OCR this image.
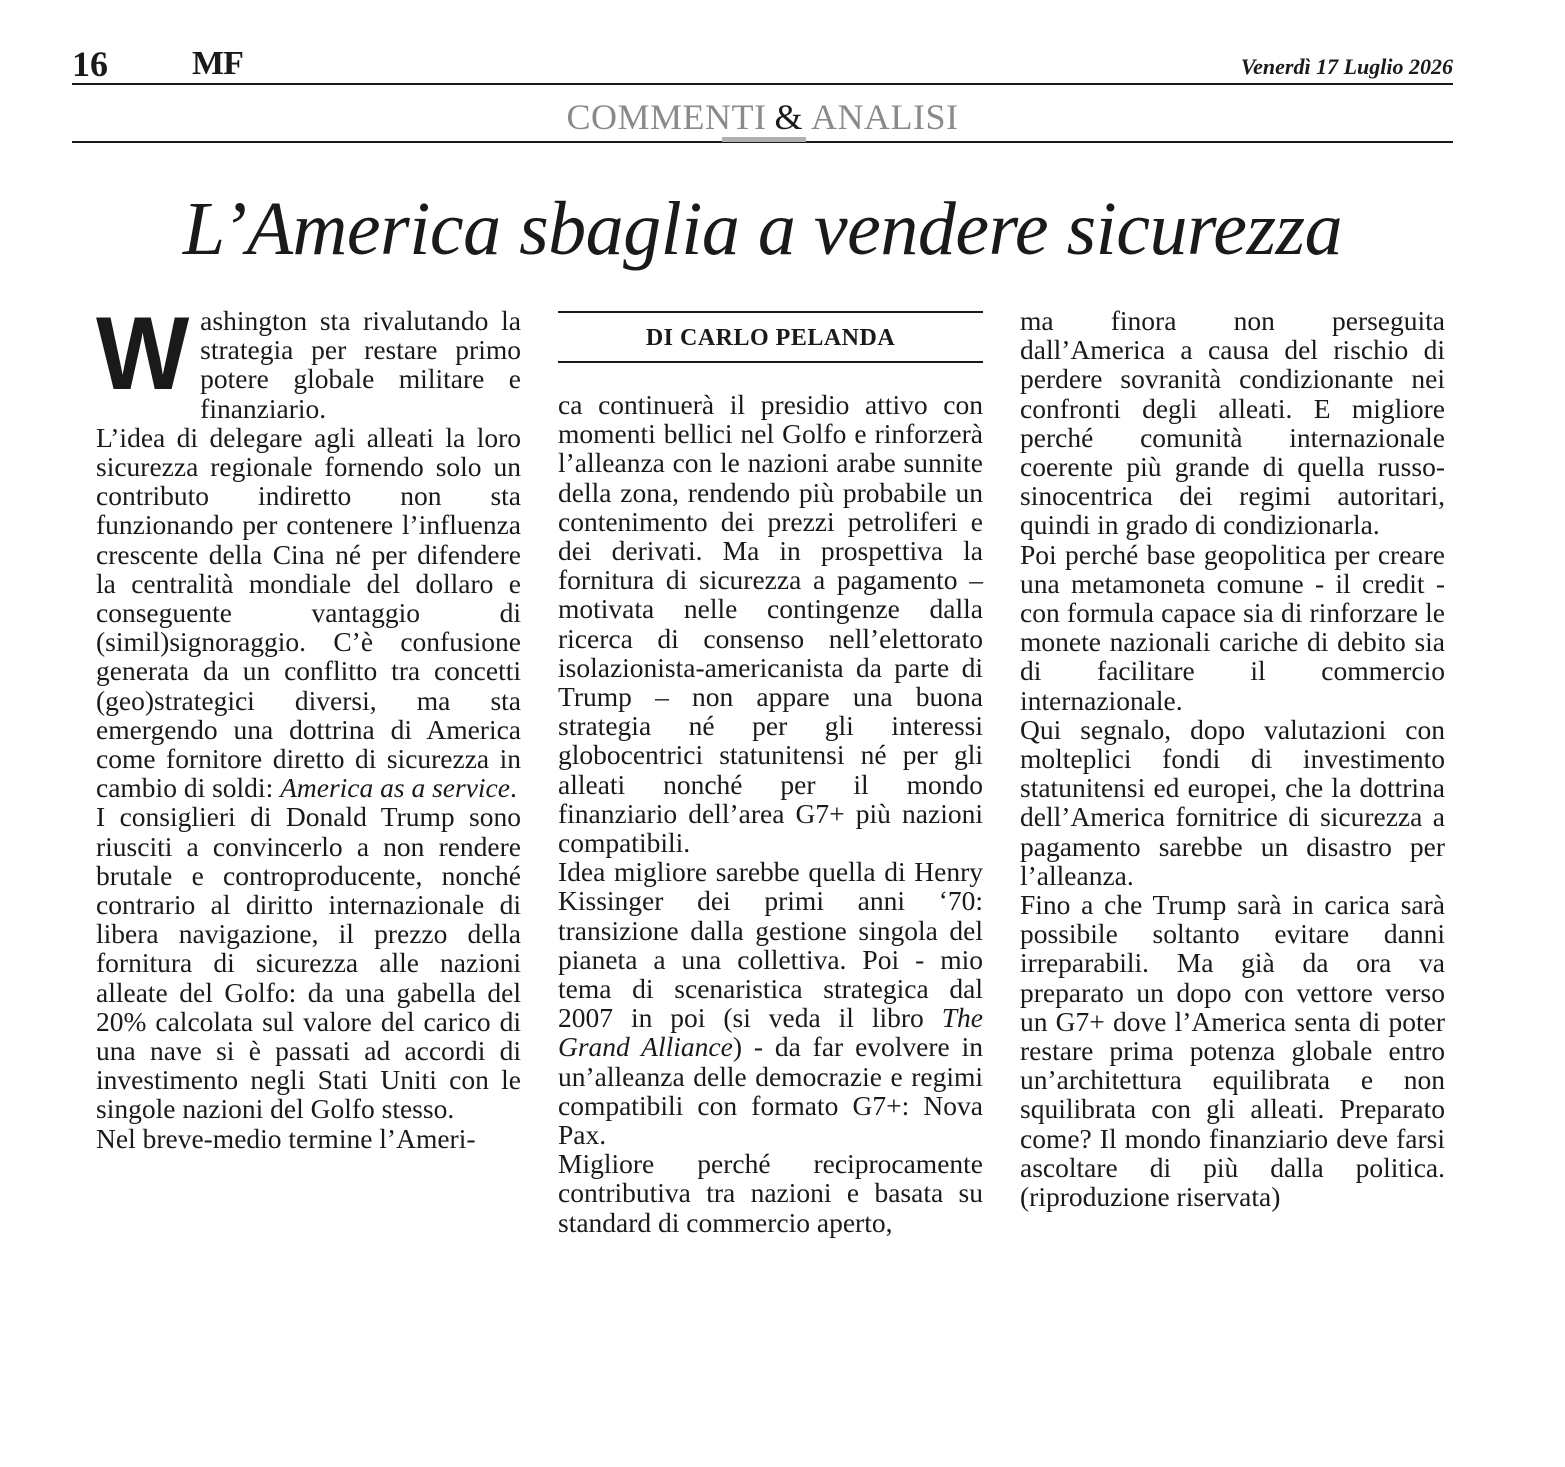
16 MF	Venerdì 17 Luglio 2026
COMMENTI & ANALISI
L’America sbaglia a vendere sicurezza
DI CARLO PELANDA

Washington sta rivalutando la strategia per restare primo potere globale militare e finanziario.

L’idea di delegare agli alleati la loro sicurezza regionale fornendo solo un contributo indiretto non sta funzionando per contenere l’influenza crescente della Cina né per difendere la centralità mondiale del dollaro e conseguente vantaggio di (simil)signoraggio. C’è confusione generata da un conflitto tra concetti (geo)strategici diversi, ma sta emergendo una dottrina di America come fornitore diretto di sicurezza in cambio di soldi: America as a service.

I consiglieri di Donald Trump sono riusciti a convincerlo a non rendere brutale e controproducente, nonché contrario al diritto internazionale di libera navigazione, il prezzo della fornitura di sicurezza alle nazioni alleate del Golfo: da una gabella del 20% calcolata sul valore del carico di una nave si è passati ad accordi di investimento negli Stati Uniti con le singole nazioni del Golfo stesso.

Nel breve-medio termine l’Ameri-

ca continuerà il presidio attivo con momenti bellici nel Golfo e rinforzerà l’alleanza con le nazioni arabe sunnite della zona, rendendo più probabile un contenimento dei prezzi petroliferi e dei derivati. Ma in prospettiva la fornitura di sicurezza a pagamento – motivata nelle contingenze dalla ricerca di consenso nell’elettorato isolazionista-americanista da parte di Trump – non appare una buona strategia né per gli interessi globocentrici statunitensi né per gli alleati nonché per il mondo finanziario dell’area G7+ più nazioni compatibili.

Idea migliore sarebbe quella di Henry Kissinger dei primi anni ‘70: transizione dalla gestione singola del pianeta a una collettiva. Poi - mio tema di scenaristica strategica dal 2007 in poi (si veda il libro The Grand Alliance) - da far evolvere in un’alleanza delle democrazie e regimi compatibili con formato G7+: Nova Pax.

Migliore perché reciprocamente contributiva tra nazioni e basata su standard di commercio aperto,

ma finora non perseguita dall’America a causa del rischio di perdere sovranità condizionante nei confronti degli alleati. E migliore perché comunità internazionale coerente più grande di quella russo-sinocentrica dei regimi autoritari, quindi in grado di condizionarla.

Poi perché base geopolitica per creare una metamoneta comune - il credit - con formula capace sia di rinforzare le monete nazionali cariche di debito sia di facilitare il commercio internazionale.

Qui segnalo, dopo valutazioni con molteplici fondi di investimento statunitensi ed europei, che la dottrina dell’America fornitrice di sicurezza a pagamento sarebbe un disastro per l’alleanza.

Fino a che Trump sarà in carica sarà possibile soltanto evitare danni irreparabili. Ma già da ora va preparato un dopo con vettore verso un G7+ dove l’America senta di poter restare prima potenza globale entro un’architettura equilibrata e non squilibrata con gli alleati. Preparato come? Il mondo finanziario deve farsi ascoltare di più dalla politica. (riproduzione riservata)
